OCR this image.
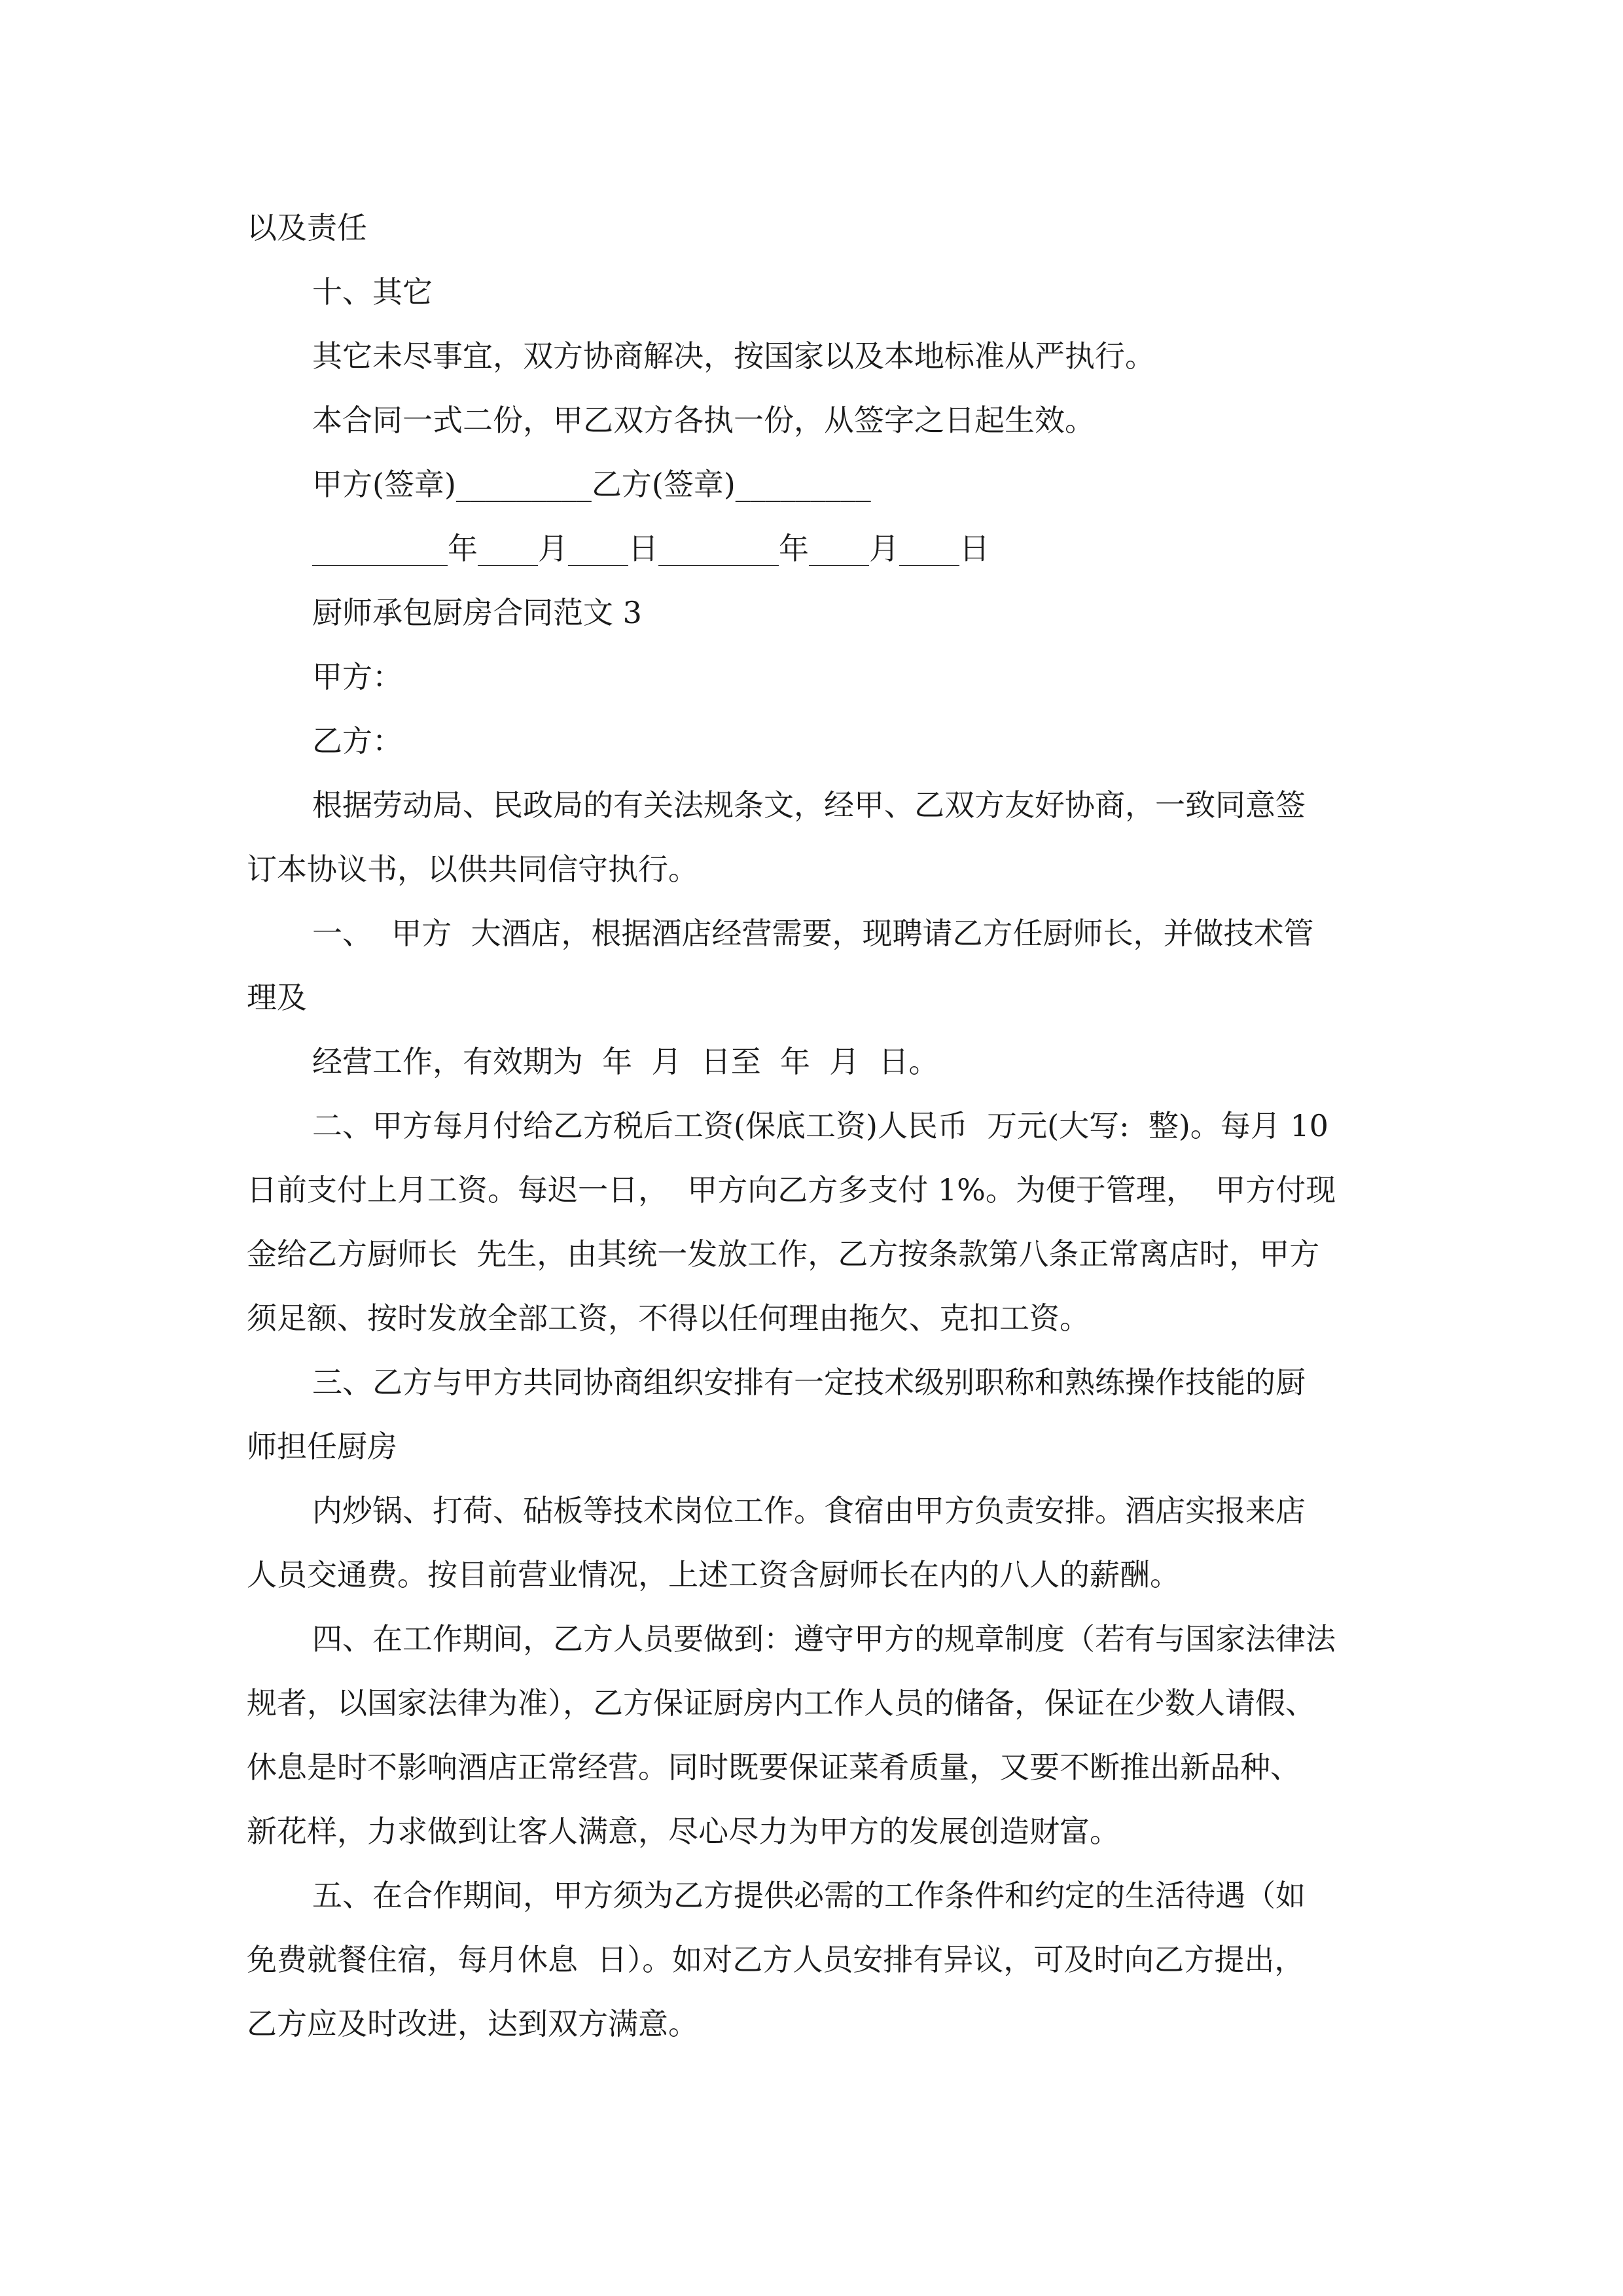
以及责任
十、其它
其它未尽事宜，双方协商解决，按国家以及本地标准从严执行。
本合同一式二份，甲乙双方各执一份，从签字之日起生效。
甲方(签章)_________乙方(签章)_________
_________年____月____日________年____月____日
厨师承包厨房合同范文 3
甲方：
乙方：
根据劳动局、民政局的有关法规条文，经甲、乙双方友好协商，一致同意签
订本协议书，以供共同信守执行。
一、  甲方  大酒店，根据酒店经营需要，现聘请乙方任厨师长，并做技术管
理及
经营工作，有效期为  年  月  日至  年  月  日。
二、甲方每月付给乙方税后工资(保底工资)人民币  万元(大写:  整)。每月 10
日前支付上月工资。每迟一日，  甲方向乙方多支付 1%。为便于管理，  甲方付现
金给乙方厨师长  先生，由其统一发放工作，乙方按条款第八条正常离店时，甲方
须足额、按时发放全部工资，不得以任何理由拖欠、克扣工资。
三、乙方与甲方共同协商组织安排有一定技术级别职称和熟练操作技能的厨
师担任厨房
内炒锅、打荷、砧板等技术岗位工作。食宿由甲方负责安排。酒店实报来店
人员交通费。按目前营业情况，上述工资含厨师长在内的八人的薪酬。
四、在工作期间，乙方人员要做到：遵守甲方的规章制度（若有与国家法律法
规者，以国家法律为准），乙方保证厨房内工作人员的储备，保证在少数人请假、
休息是时不影响酒店正常经营。同时既要保证菜肴质量，又要不断推出新品种、
新花样，力求做到让客人满意，尽心尽力为甲方的发展创造财富。
五、在合作期间，甲方须为乙方提供必需的工作条件和约定的生活待遇（如
免费就餐住宿，每月休息  日）。如对乙方人员安排有异议，可及时向乙方提出，
乙方应及时改进，达到双方满意。
